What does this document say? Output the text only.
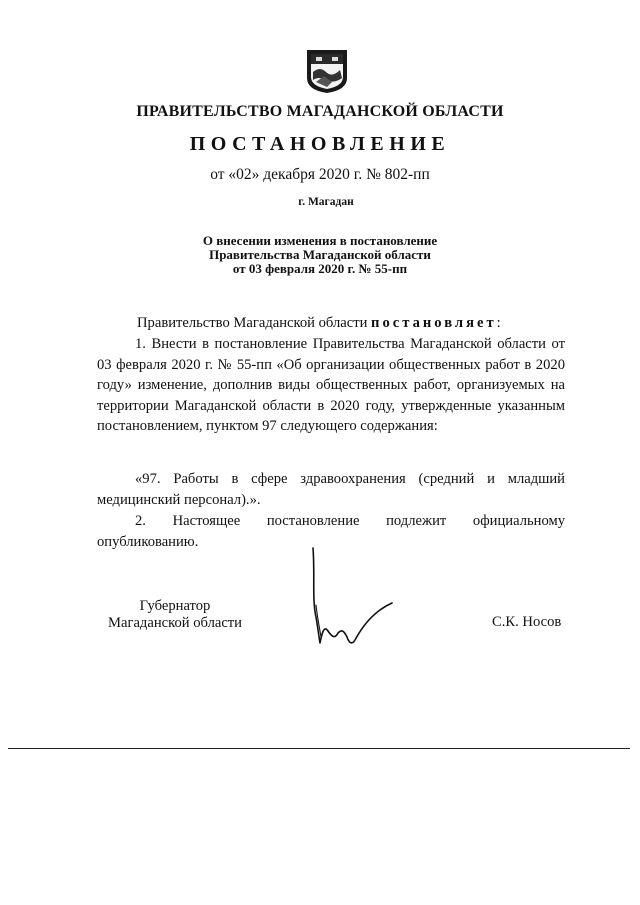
ПРАВИТЕЛЬСТВО МАГАДАНСКОЙ ОБЛАСТИ
ПОСТАНОВЛЕНИЕ
от «02» декабря 2020 г. № 802-пп
г. Магадан
О внесении изменения в постановление
Правительства Магаданской области
от 03 февраля 2020 г. № 55-пп
Правительство Магаданской области постановляет:
1. Внести в постановление Правительства Магаданской области от 03 февраля 2020 г. № 55-пп «Об организации общественных работ в 2020 году» изменение, дополнив виды общественных работ, организуемых на территории Магаданской области в 2020 году, утвержденные указанным постановлением, пунктом 97 следующего содержания:
«97. Работы в сфере здравоохранения (средний и младший медицинский персонал).».
2. Настоящее постановление подлежит официальному опубликованию.
Губернатор
Магаданской области	С.К. Носов
